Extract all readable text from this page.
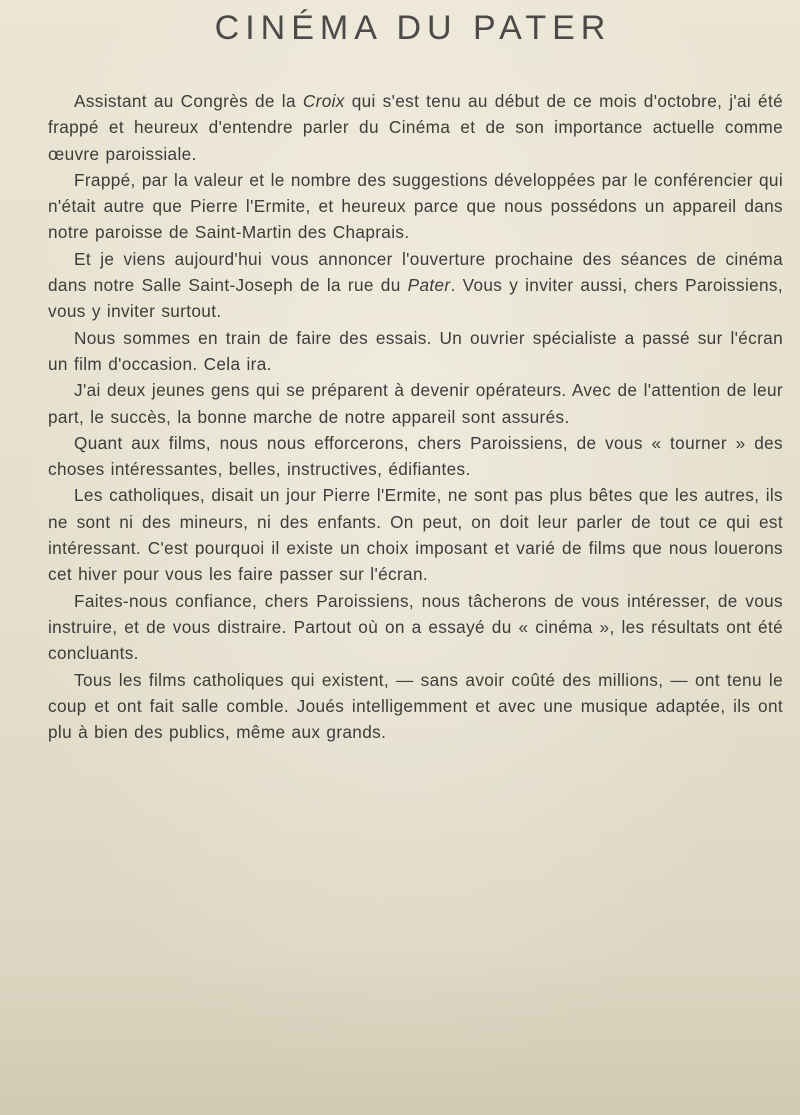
CINÉMA DU PATER

Assistant au Congrès de la Croix qui s'est tenu au début de ce mois d'octobre, j'ai été frappé et heureux d'entendre parler du Cinéma et de son importance actuelle comme œuvre paroissiale.

Frappé, par la valeur et le nombre des suggestions développées par le conférencier qui n'était autre que Pierre l'Ermite, et heureux parce que nous possédons un appareil dans notre paroisse de Saint-Martin des Chaprais.

Et je viens aujourd'hui vous annoncer l'ouverture prochaine des séances de cinéma dans notre Salle Saint-Joseph de la rue du Pater. Vous y inviter aussi, chers Paroissiens, vous y inviter surtout.

Nous sommes en train de faire des essais. Un ouvrier spécialiste a passé sur l'écran un film d'occasion. Cela ira.

J'ai deux jeunes gens qui se préparent à devenir opérateurs. Avec de l'attention de leur part, le succès, la bonne marche de notre appareil sont assurés.

Quant aux films, nous nous efforcerons, chers Paroissiens, de vous « tourner » des choses intéressantes, belles, instructives, édifiantes.

Les catholiques, disait un jour Pierre l'Ermite, ne sont pas plus bêtes que les autres, ils ne sont ni des mineurs, ni des enfants. On peut, on doit leur parler de tout ce qui est intéressant. C'est pourquoi il existe un choix imposant et varié de films que nous louerons cet hiver pour vous les faire passer sur l'écran.

Faites-nous confiance, chers Paroissiens, nous tâcherons de vous intéresser, de vous instruire, et de vous distraire. Partout où on a essayé du « cinéma », les résultats ont été concluants.

Tous les films catholiques qui existent, — sans avoir coûté des millions, — ont tenu le coup et ont fait salle comble. Joués intelligemment et avec une musique adaptée, ils ont plu à bien des publics, même aux grands.
